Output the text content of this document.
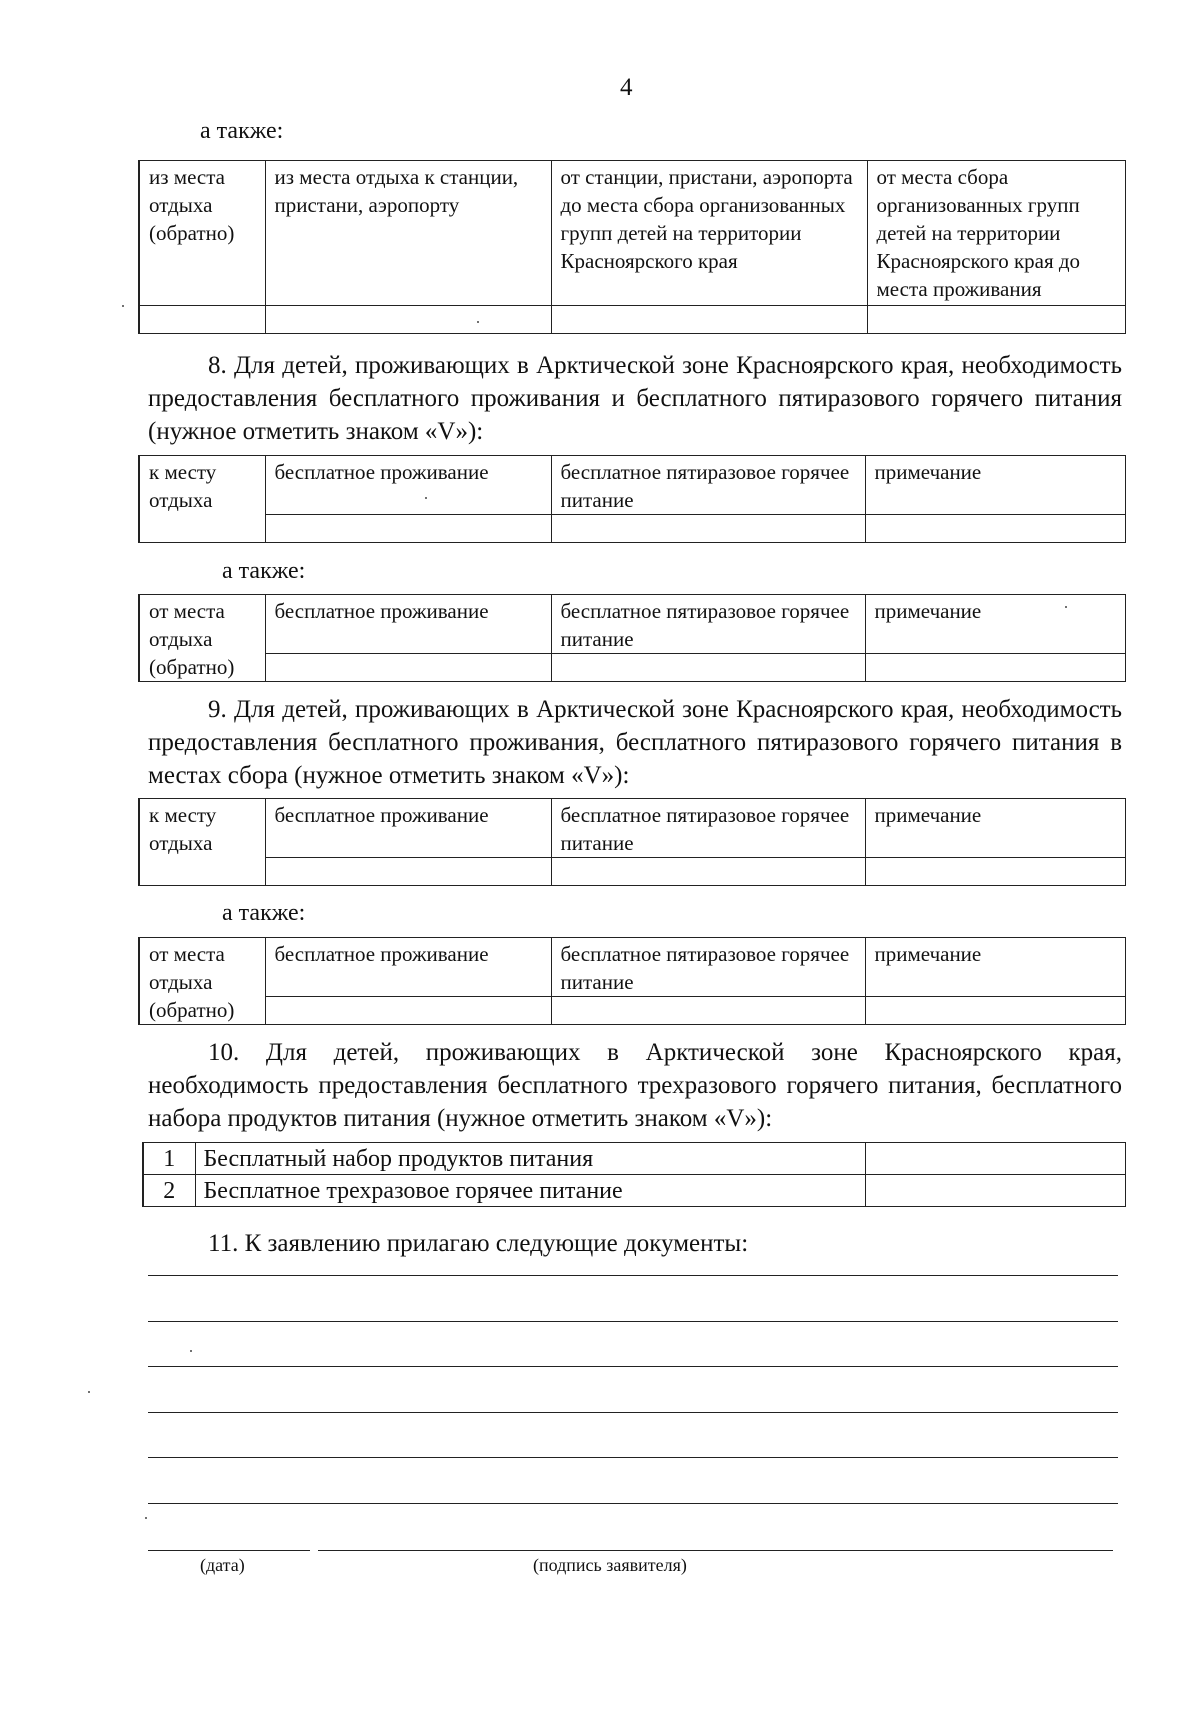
4
а также:
из места отдыха (обратно)	из места отдыха к станции, пристани, аэропорту	от станции, пристани, аэропорта до места сбора организованных групп детей на территории Красноярского края	от места сбора организованных групп детей на территории Красноярского края до места проживания

8. Для детей, проживающих в Арктической зоне Красноярского края, необходимость предоставления бесплатного проживания и бесплатного пятиразового горячего питания (нужное отметить знаком «V»):
к месту отдыха	бесплатное проживание	бесплатное пятиразовое горячее питание	примечание

а также:
от места отдыха (обратно)	бесплатное проживание	бесплатное пятиразовое горячее питание	примечание

9. Для детей, проживающих в Арктической зоне Красноярского края, необходимость предоставления бесплатного проживания, бесплатного пятиразового горячего питания в местах сбора (нужное отметить знаком «V»):
к месту отдыха	бесплатное проживание	бесплатное пятиразовое горячее питание	примечание

а также:
от места отдыха (обратно)	бесплатное проживание	бесплатное пятиразовое горячее питание	примечание

10. Для детей, проживающих в Арктической зоне Красноярского края, необходимость предоставления бесплатного трехразового горячего питания, бесплатного набора продуктов питания (нужное отметить знаком «V»):
1	Бесплатный набор продуктов питания	
2	Бесплатное трехразовое горячее питание	
11. К заявлению прилагаю следующие документы:
(дата)	(подпись заявителя)
